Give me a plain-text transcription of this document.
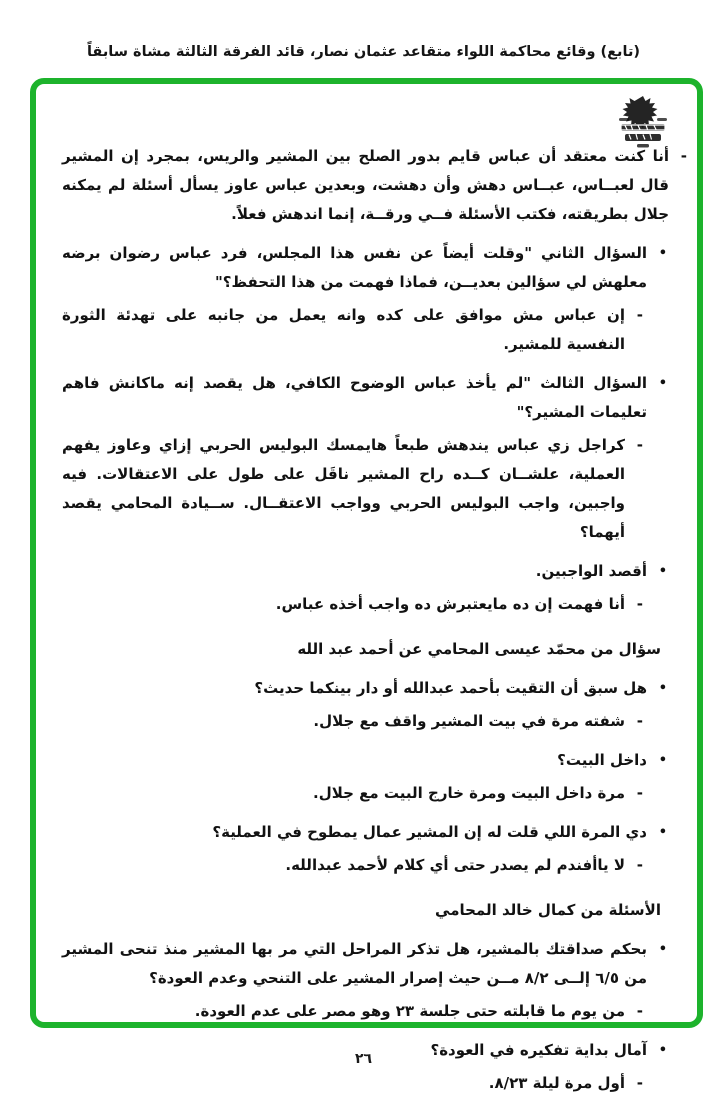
(تابع) وقائع محاكمة اللواء متقاعد عثمان نصار، قائد الفرقة الثالثة مشاة سابقاً
-
أنا كنت معتقد أن عباس قايم بدور الصلح بين المشير والريس، بمجرد إن المشير قال لعبــاس، عبــاس دهش وأن دهشت، وبعدين عباس عاوز يسأل أسئلة لم يمكنه جلال بطريقته، فكتب الأسئلة فــي ورقــة، إنما اندهش فعلاً.
•
السؤال الثاني "وقلت أيضاً عن نفس هذا المجلس، فرد عباس رضوان برضه معلهش لي سؤالين بعديــن، فماذا فهمت من هذا التحفظ؟"
-
إن عباس مش موافق على كده وانه يعمل من جانبه على تهدئة الثورة النفسية للمشير.
•
السؤال الثالث "لم يأخذ عباس الوضوح الكافي، هل يقصد إنه ماكانش فاهم تعليمات المشير؟"
-
كراجل زي عباس يندهش طبعاً هايمسك البوليس الحربي إزاي وعاوز يفهم العملية، علشــان كــده راح المشير ناقَل على طول على الاعتقالات. فيه واجبين، واجب البوليس الحربي وواجب الاعتقــال. ســيادة المحامي يقصد أيهما؟
•
أقصد الواجبين.
-
أنا فهمت إن ده مايعتبرش ده واجب أخذه عباس.
سؤال من محمّد عيسى المحامي عن أحمد عبد الله
•
هل سبق أن التقيت بأحمد عبدالله أو دار بينكما حديث؟
-
شفته مرة في بيت المشير واقف مع جلال.
•
داخل البيت؟
-
مرة داخل البيت ومرة خارج البيت مع جلال.
•
دي المرة اللي قلت له إن المشير عمال يمطوح في العملية؟
-
لا ياأفندم لم يصدر حتى أي كلام لأحمد عبدالله.
الأسئلة من كمال خالد المحامي
•
بحكم صداقتك بالمشير، هل تذكر المراحل التي مر بها المشير منذ تنحى المشير من ٦/٥ إلــى ٨/٢ مــن حيث إصرار المشير على التنحي وعدم العودة؟
-
من يوم ما قابلته حتى جلسة ٢٣ وهو مصر على عدم العودة.
•
آمال بداية تفكيره في العودة؟
-
أول مرة ليلة ٨/٢٣.
٢٦
